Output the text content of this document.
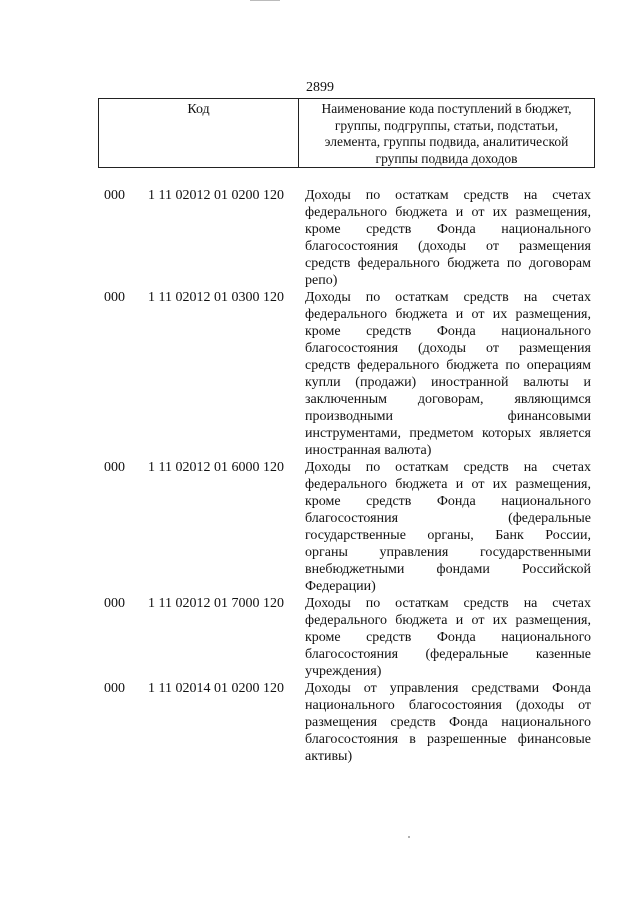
2899
Код	Наименование кода поступлений в бюджет,
группы, подгруппы, статьи, подстатьи,
элемента, группы подвида, аналитической
группы подвида доходов
000 1 11 02012 01 0200 120 Доходы по остаткам средств на счетах
федерального бюджета и от их размещения,
кроме средств Фонда национального
благосостояния (доходы от размещения
средств федерального бюджета по договорам
репо)
000 1 11 02012 01 0300 120 Доходы по остаткам средств на счетах
федерального бюджета и от их размещения,
кроме средств Фонда национального
благосостояния (доходы от размещения
средств федерального бюджета по операциям
купли (продажи) иностранной валюты и
заключенным договорам, являющимся
производными финансовыми
инструментами, предметом которых является
иностранная валюта)
000 1 11 02012 01 6000 120 Доходы по остаткам средств на счетах
федерального бюджета и от их размещения,
кроме средств Фонда национального
благосостояния (федеральные
государственные органы, Банк России,
органы управления государственными
внебюджетными фондами Российской
Федерации)
000 1 11 02012 01 7000 120 Доходы по остаткам средств на счетах
федерального бюджета и от их размещения,
кроме средств Фонда национального
благосостояния (федеральные казенные
учреждения)
000 1 11 02014 01 0200 120 Доходы от управления средствами Фонда
национального благосостояния (доходы от
размещения средств Фонда национального
благосостояния в разрешенные финансовые
активы)
